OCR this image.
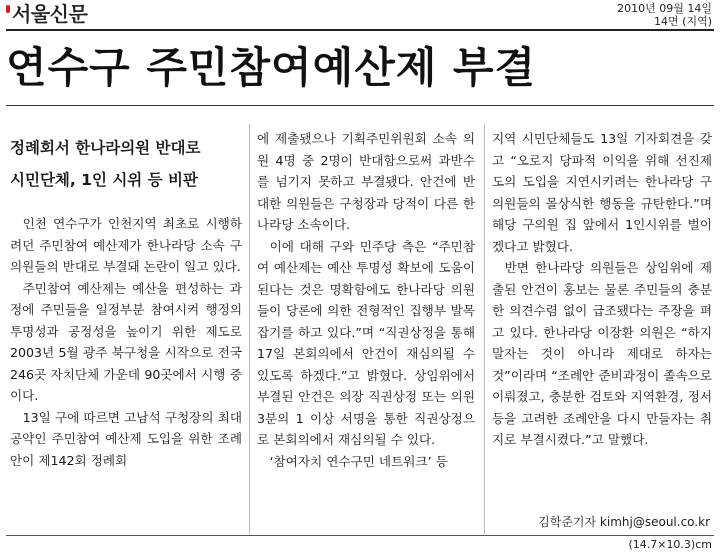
서울신문	2010년 09월 14일
14면 (지역)
연수구 주민참여예산제 부결
정례회서 한나라의원 반대로
시민단체, 1인 시위 등 비판

인천 연수구가 인천지역 최초로 시행하려던 주민참여 예산제가 한나라당 소속 구의원들의 반대로 부결돼 논란이 일고 있다.

주민참여 예산제는 예산을 편성하는 과정에 주민들을 일정부분 참여시켜 행정의 투명성과 공정성을 높이기 위한 제도로 2003년 5월 광주 북구청을 시작으로 전국 246곳 자치단체 가운데 90곳에서 시행 중이다.

13일 구에 따르면 고남석 구청장의 최대 공약인 주민참여 예산제 도입을 위한 조례안이 제142회 정례회

에 제출됐으나 기획주민위원회 소속 의원 4명 중 2명이 반대함으로써 과반수를 넘기지 못하고 부결됐다. 안건에 반대한 의원들은 구청장과 당적이 다른 한나라당 소속이다.

이에 대해 구와 민주당 측은 “주민참여 예산제는 예산 투명성 확보에 도움이 된다는 것은 명확함에도 한나라당 의원들이 당론에 의한 전형적인 집행부 발목잡기를 하고 있다.”며 “직권상정을 통해 17일 본회의에서 안건이 재심의될 수 있도록 하겠다.”고 밝혔다. 상임위에서 부결된 안건은 의장 직권상정 또는 의원 3분의 1 이상 서명을 통한 직권상정으로 본회의에서 재심의될 수 있다.

‘참여자치 연수구민 네트워크’ 등

지역 시민단체들도 13일 기자회견을 갖고 “오로지 당파적 이익을 위해 선진제도의 도입을 지연시키려는 한나라당 구의원들의 몰상식한 행동을 규탄한다.”며 해당 구의원 집 앞에서 1인시위를 벌이겠다고 밝혔다.

반면 한나라당 의원들은 상임위에 제출된 안건이 홍보는 물론 주민들의 충분한 의견수렴 없이 급조됐다는 주장을 펴고 있다. 한나라당 이장환 의원은 “하지 말자는 것이 아니라 제대로 하자는 것”이라며 “조례안 준비과정이 졸속으로 이뤄졌고, 충분한 검토와 지역환경, 정서 등을 고려한 조례안을 다시 만들자는 취지로 부결시켰다.”고 말했다.

김학준기자 kimhj@seoul.co.kr
(14.7×10.3)cm
